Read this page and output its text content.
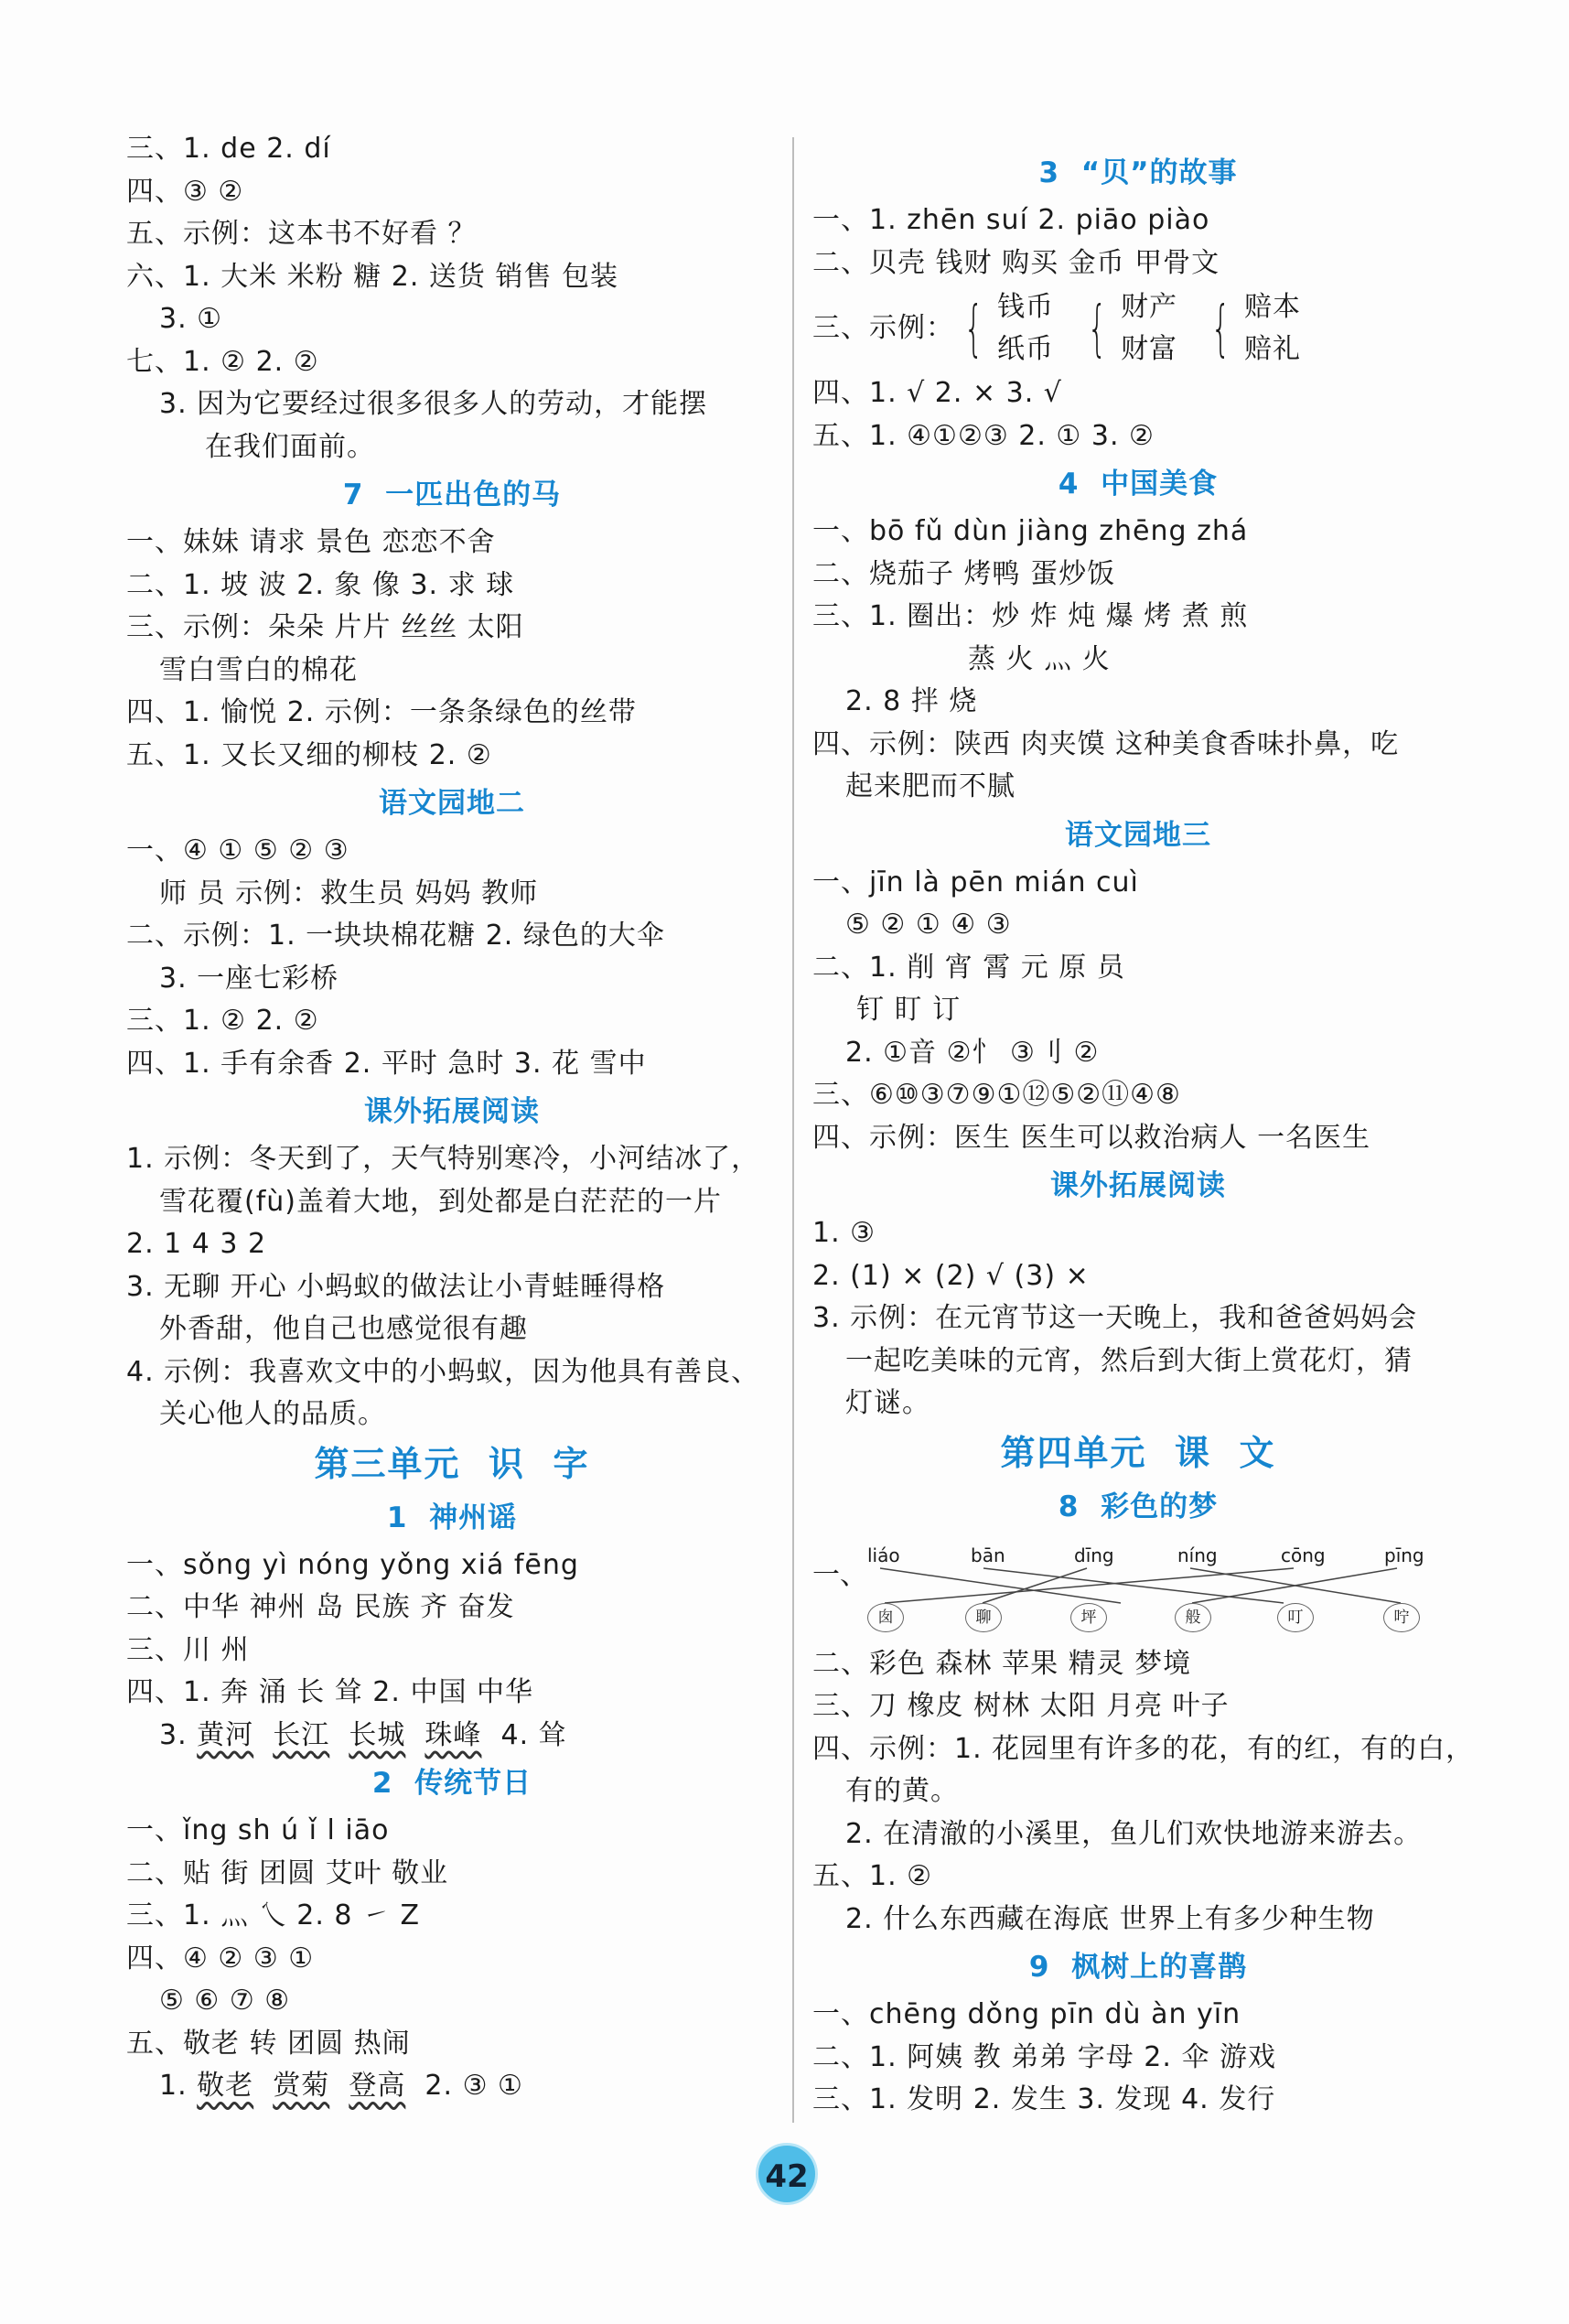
三、1. de 2. dí
四、③ ②
五、示例：这本书不好看 ？
六、1. 大米 米粉 糖 2. 送货 销售 包装
3. ①
七、1. ② 2. ②
3. 因为它要经过很多很多人的劳动，才能摆
在我们面前。
7  一匹出色的马
一、妹妹 请求 景色 恋恋不舍
二、1. 坡 波 2. 象 像 3. 求 球
三、示例：朵朵 片片 丝丝 太阳
雪白雪白的棉花
四、1. 愉悦 2. 示例：一条条绿色的丝带
五、1. 又长又细的柳枝 2. ②
语文园地二
一、④ ① ⑤ ② ③
师 员 示例：救生员 妈妈 教师
二、示例：1. 一块块棉花糖 2. 绿色的大伞
3. 一座七彩桥
三、1. ② 2. ②
四、1. 手有余香 2. 平时 急时 3. 花 雪中
课外拓展阅读
1. 示例：冬天到了，天气特别寒冷，小河结冰了，
雪花覆(fù)盖着大地，到处都是白茫茫的一片
2. 1 4 3 2
3. 无聊 开心 小蚂蚁的做法让小青蛙睡得格
外香甜，他自己也感觉很有趣
4. 示例：我喜欢文中的小蚂蚁，因为他具有善良、
关心他人的品质。
第三单元  识  字
1  神州谣
一、sǒng yì nóng yǒng xiá fēng
二、中华 神州 岛 民族 齐 奋发
三、川 州
四、1. 奔 涌 长 耸 2. 中国 中华
3. 黄河 长江 长城 珠峰 4. 耸
2  传统节日
一、ǐng sh ú ǐ l iāo
二、贴 街 团圆 艾叶 敬业
三、1. 灬 乀 2. 8 ㇀ Z
四、④ ② ③ ①
⑤ ⑥ ⑦ ⑧
五、敬老 转 团圆 热闹
1. 敬老 赏菊 登高 2. ③ ①
3  “贝”的故事
一、1. zhēn suí 2. piāo piào
二、贝壳 钱财 购买 金币 甲骨文
三、示例： { 钱币
纸币 { 财产
财富 { 赔本
赔礼
四、1. √ 2. × 3. √
五、1. ④①②③ 2. ① 3. ②
4  中国美食
一、bō fǔ dùn jiàng zhēng zhá
二、烧茄子 烤鸭 蛋炒饭
三、1. 圈出：炒 炸 炖 爆 烤 煮 煎
蒸 火 灬 火
2. 8 拌 烧
四、示例：陕西 肉夹馍 这种美食香味扑鼻，吃
起来肥而不腻
语文园地三
一、jīn là pēn mián cuì
⑤ ② ① ④ ③
二、1. 削 宵 霄 元 原 员
钉 盯 订
2. ①音 ②忄 ③刂 ②
三、⑥⑩③⑦⑨①⑫⑤②⑪④⑧
四、示例：医生 医生可以救治病人 一名医生
课外拓展阅读
1. ③
2. (1) × (2) √ (3) ×
3. 示例：在元宵节这一天晚上，我和爸爸妈妈会
一起吃美味的元宵，然后到大街上赏花灯，猜
灯谜。
第四单元  课  文
8  彩色的梦
一、
liáo	bān	dīng	níng	cōng	pīng
囱	聊	坪	般	叮	咛
二、彩色 森林 苹果 精灵 梦境
三、刀 橡皮 树林 太阳 月亮 叶子
四、示例：1. 花园里有许多的花，有的红，有的白，
有的黄。
2. 在清澈的小溪里，鱼儿们欢快地游来游去。
五、1. ②
2. 什么东西藏在海底 世界上有多少种生物
9  枫树上的喜鹊
一、chēng dǒng pīn dù àn yīn
二、1. 阿姨 教 弟弟 字母 2. 伞 游戏
三、1. 发明 2. 发生 3. 发现 4. 发行
42
